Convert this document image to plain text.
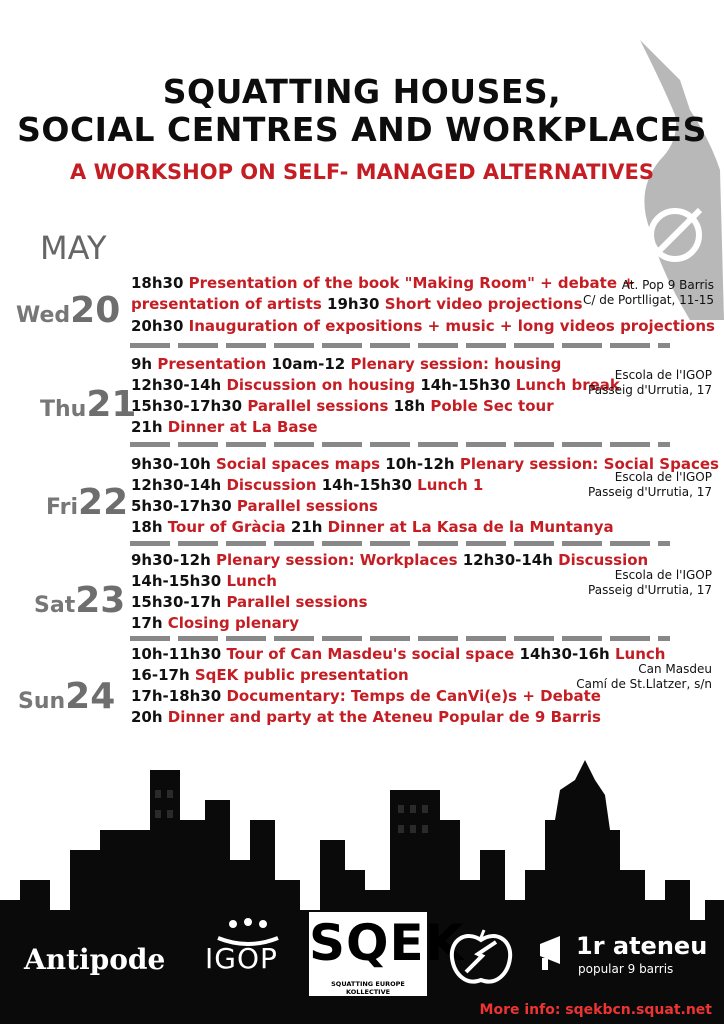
SQUATTING HOUSES,
SOCIAL CENTRES AND WORKPLACES
A WORKSHOP ON SELF- MANAGED ALTERNATIVES
MAY
Wed20
18h30 Presentation of the book "Making Room" + debate +
presentation of artists 19h30 Short video projections
20h30 Inauguration of expositions + music + long videos projections
At. Pop 9 Barris
C/ de Portlligat, 11-15
Thu21
9h Presentation 10am-12 Plenary session: housing
12h30-14h Discussion on housing 14h-15h30 Lunch break
15h30-17h30 Parallel sessions 18h Poble Sec tour
21h Dinner at La Base
Escola de l'IGOP
Passeig d'Urrutia, 17
Fri22
9h30-10h Social spaces maps 10h-12h Plenary session: Social Spaces
12h30-14h Discussion 14h-15h30 Lunch 1
5h30-17h30 Parallel sessions
18h Tour of Gràcia 21h Dinner at La Kasa de la Muntanya
Escola de l'IGOP
Passeig d'Urrutia, 17
Sat23
9h30-12h Plenary session: Workplaces 12h30-14h Discussion
14h-15h30 Lunch
15h30-17h Parallel sessions
17h Closing plenary
Escola de l'IGOP
Passeig d'Urrutia, 17
Sun24
10h-11h30 Tour of Can Masdeu's social space 14h30-16h Lunch
16-17h SqEK public presentation
17h-18h30 Documentary: Temps de CanVi(e)s + Debate
20h Dinner and party at the Ateneu Popular de 9 Barris
Can Masdeu
Camí de St.Llatzer, s/n
Antipode IGOP SQEK
SQUATTING EUROPE KOLLECTIVE
1r ateneu
popular 9 barris
More info: sqekbcn.squat.net
